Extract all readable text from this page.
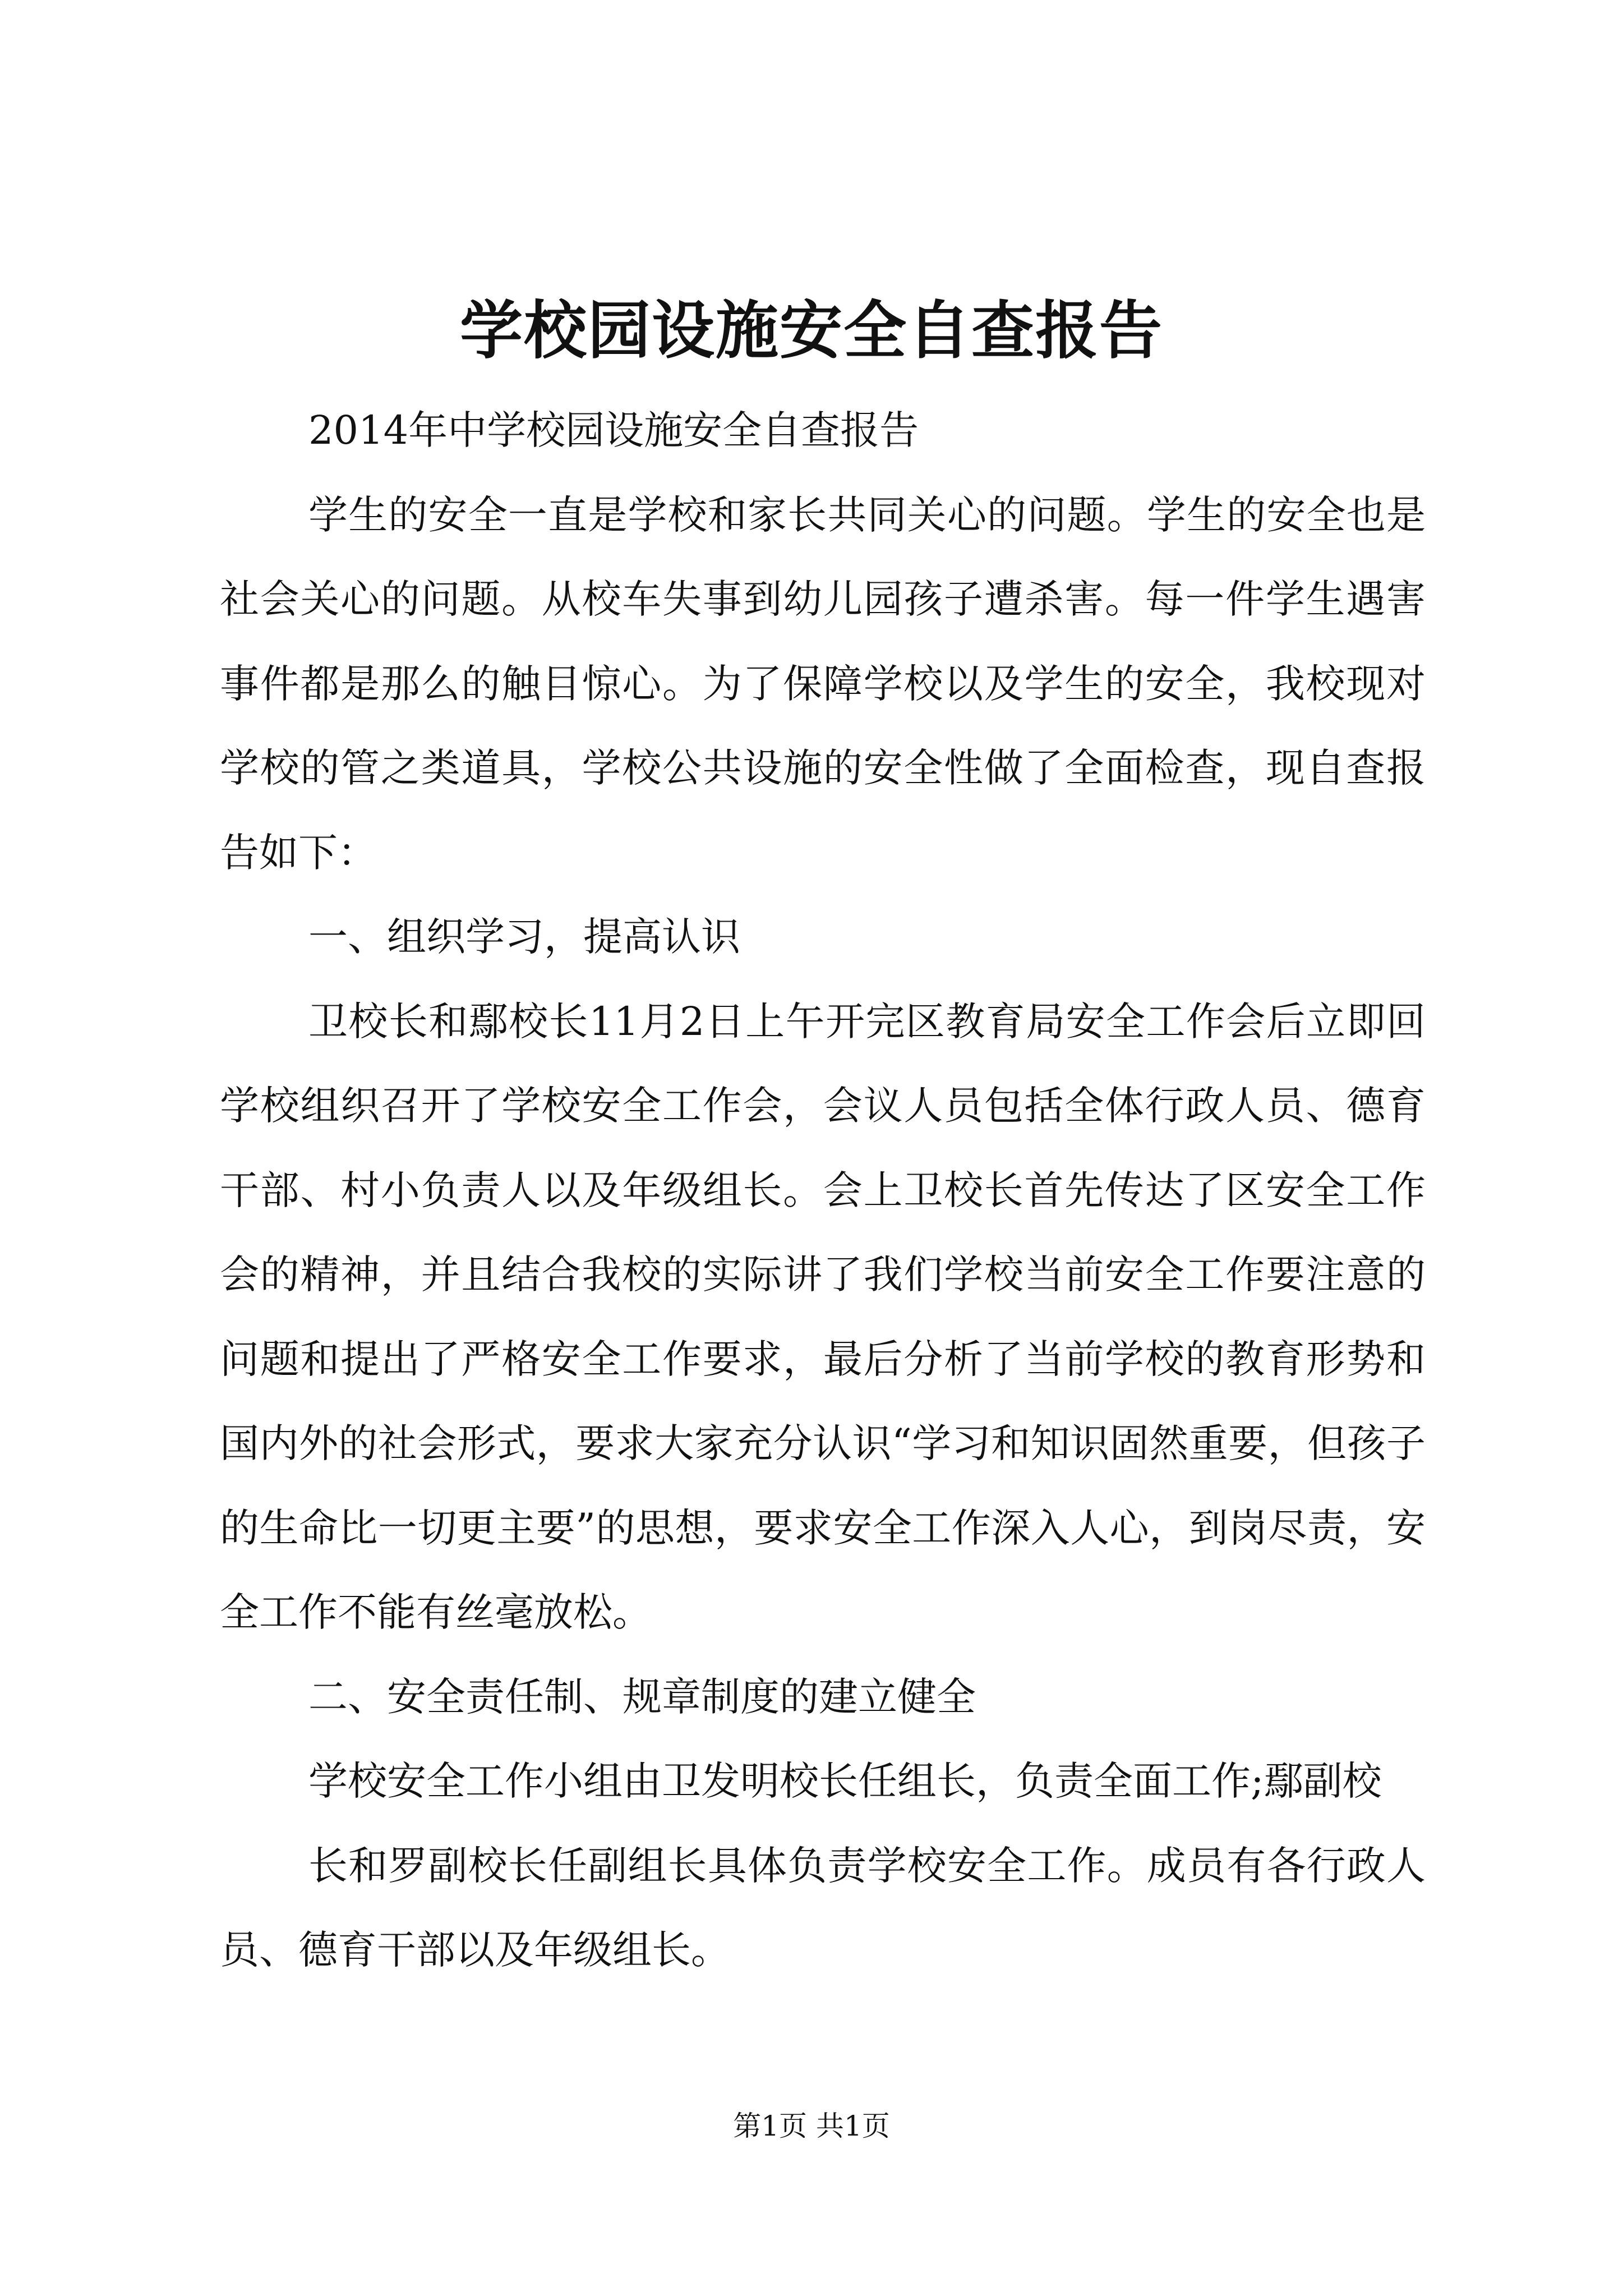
学校园设施安全自查报告

2014年中学校园设施安全自查报告

学生的安全一直是学校和家长共同关心的问题。学生的安全也是社会关心的问题。从校车失事到幼儿园孩子遭杀害。每一件学生遇害事件都是那么的触目惊心。为了保障学校以及学生的安全，我校现对学校的管之类道具，学校公共设施的安全性做了全面检查，现自查报告如下：

一、组织学习，提高认识

卫校长和鄢校长11月2日上午开完区教育局安全工作会后立即回学校组织召开了学校安全工作会，会议人员包括全体行政人员、德育干部、村小负责人以及年级组长。会上卫校长首先传达了区安全工作会的精神，并且结合我校的实际讲了我们学校当前安全工作要注意的问题和提出了严格安全工作要求，最后分析了当前学校的教育形势和国内外的社会形式，要求大家充分认识“学习和知识固然重要，但孩子的生命比一切更主要”的思想，要求安全工作深入人心，到岗尽责，安全工作不能有丝毫放松。

二、安全责任制、规章制度的建立健全

学校安全工作小组由卫发明校长任组长，负责全面工作;鄢副校

长和罗副校长任副组长具体负责学校安全工作。成员有各行政人员、德育干部以及年级组长。

第1页 共1页
